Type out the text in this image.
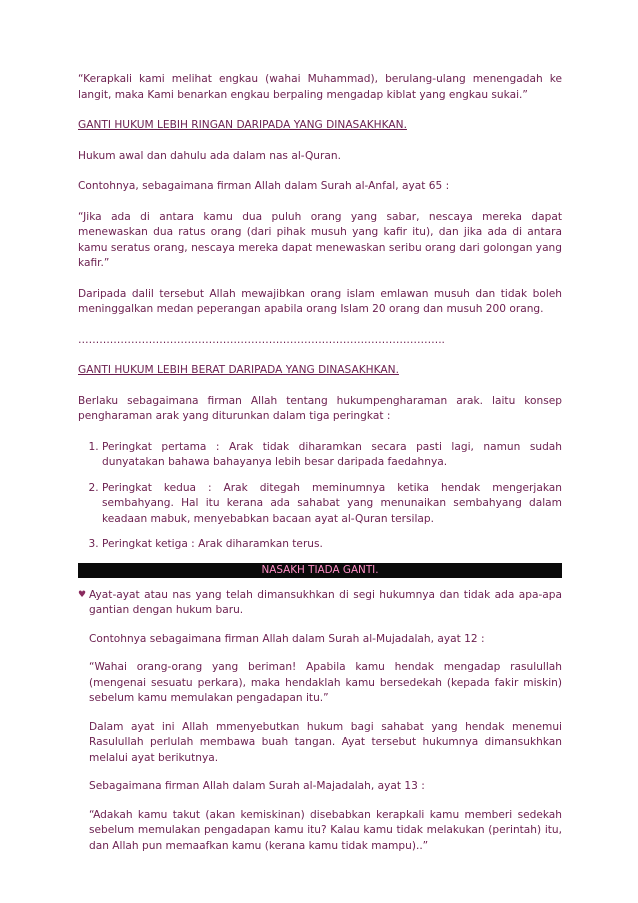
“Kerapkali kami melihat engkau (wahai Muhammad), berulang-ulang menengadah ke langit, maka Kami benarkan engkau berpaling mengadap kiblat yang engkau sukai.”

GANTI HUKUM LEBIH RINGAN DARIPADA YANG DINASAKHKAN.

Hukum awal dan dahulu ada dalam nas al-Quran.

Contohnya, sebagaimana firman Allah dalam Surah al-Anfal, ayat 65 :

“Jika ada di antara kamu dua puluh orang yang sabar, nescaya mereka dapat menewaskan dua ratus orang (dari pihak musuh yang kafir itu), dan jika ada di antara kamu seratus orang, nescaya mereka dapat menewaskan seribu orang dari golongan yang kafir.”

Daripada dalil tersebut Allah mewajibkan orang islam emlawan musuh dan tidak boleh meninggalkan medan peperangan apabila orang Islam 20 orang dan musuh 200 orang.

…………………………………………………………………………………………..

GANTI HUKUM LEBIH BERAT DARIPADA YANG DINASAKHKAN.

Berlaku sebagaimana firman Allah tentang hukumpengharaman arak. laitu konsep pengharaman arak yang diturunkan dalam tiga peringkat :

1. Peringkat pertama : Arak tidak diharamkan secara pasti lagi, namun sudah dunyatakan bahawa bahayanya lebih besar daripada faedahnya.
2. Peringkat kedua : Arak ditegah meminumnya ketika hendak mengerjakan sembahyang. Hal itu kerana ada sahabat yang menunaikan sembahyang dalam keadaan mabuk, menyebabkan bacaan ayat al-Quran tersilap.
3. Peringkat ketiga : Arak diharamkan terus.
NASAKH TIADA GANTI.
♥ Ayat-ayat atau nas yang telah dimansukhkan di segi hukumnya dan tidak ada apa-apa gantian dengan hukum baru.

Contohnya sebagaimana firman Allah dalam Surah al-Mujadalah, ayat 12 :

“Wahai orang-orang yang beriman! Apabila kamu hendak mengadap rasulullah (mengenai sesuatu perkara), maka hendaklah kamu bersedekah (kepada fakir miskin) sebelum kamu memulakan pengadapan itu.”

Dalam ayat ini Allah mmenyebutkan hukum bagi sahabat yang hendak menemui Rasulullah perlulah membawa buah tangan. Ayat tersebut hukumnya dimansukhkan melalui ayat berikutnya.

Sebagaimana firman Allah dalam Surah al-Majadalah, ayat 13 :

“Adakah kamu takut (akan kemiskinan) disebabkan kerapkali kamu memberi sedekah sebelum memulakan pengadapan kamu itu? Kalau kamu tidak melakukan (perintah) itu, dan Allah pun memaafkan kamu (kerana kamu tidak mampu)..”
